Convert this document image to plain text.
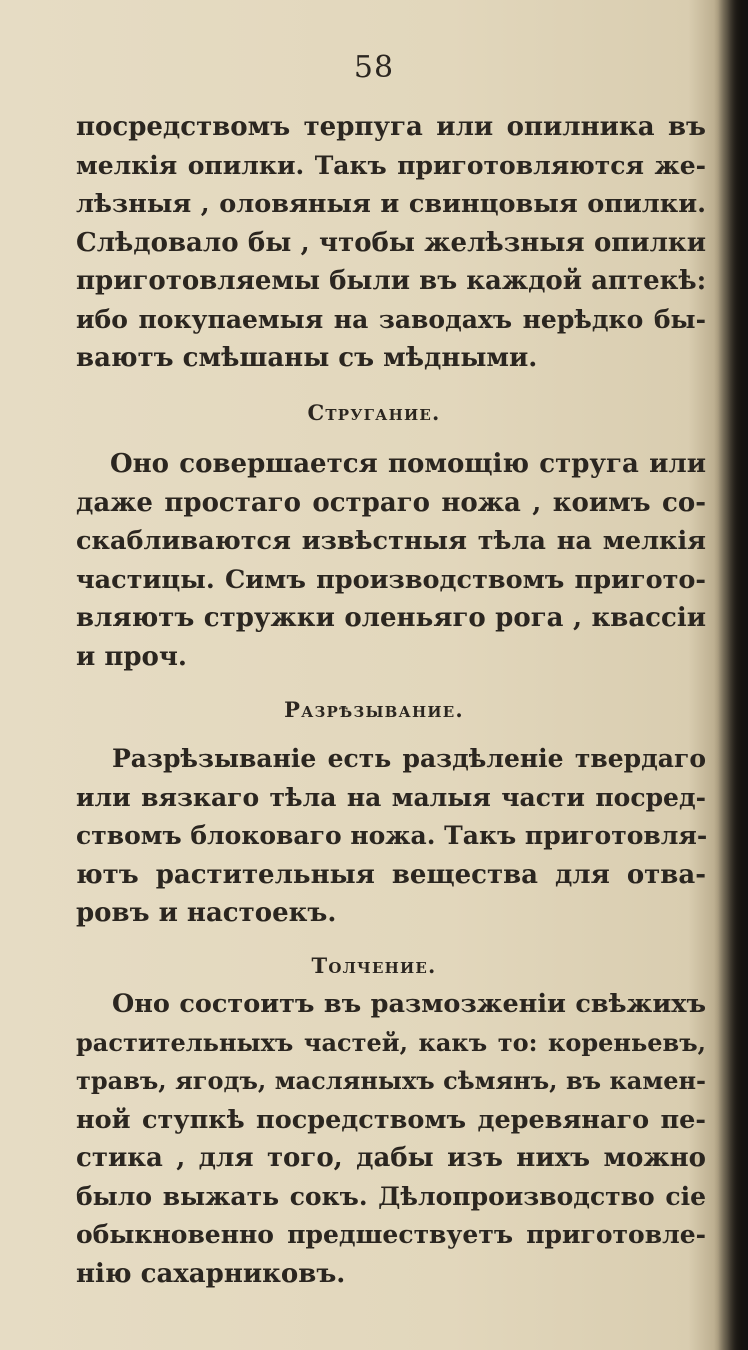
58
посредствомъ терпуга или опилника въ
мелкія опилки. Такъ приготовляются же-
лѣзныя , оловяныя и свинцовыя опилки.
Слѣдовало бы , чтобы желѣзныя опилки
приготовляемы были въ каждой аптекѣ:
ибо покупаемыя на заводахъ нерѣдко бы-
ваютъ смѣшаны съ мѣдными.
Стругание.
Оно совершается помощію струга или
даже простаго остраго ножа , коимъ со-
скабливаются извѣстныя тѣла на мелкія
частицы. Симъ производствомъ пригото-
вляютъ стружки оленьяго рога , квассіи
и проч.
Разрѣзывание.
Разрѣзываніе есть раздѣленіе твердаго
или вязкаго тѣла на малыя части посред-
ствомъ блоковаго ножа. Такъ приготовля-
ютъ растительныя вещества для отва-
ровъ и настоекъ.
Толчение.
Оно состоитъ въ размозженіи свѣжихъ
растительныхъ частей, какъ то: кореньевъ,
травъ, ягодъ, масляныхъ сѣмянъ, въ камен-
ной ступкѣ посредствомъ деревянаго пе-
стика , для того, дабы изъ нихъ можно
было выжать сокъ. Дѣлопроизводство сіе
обыкновенно предшествуетъ приготовле-
нію сахарниковъ.
